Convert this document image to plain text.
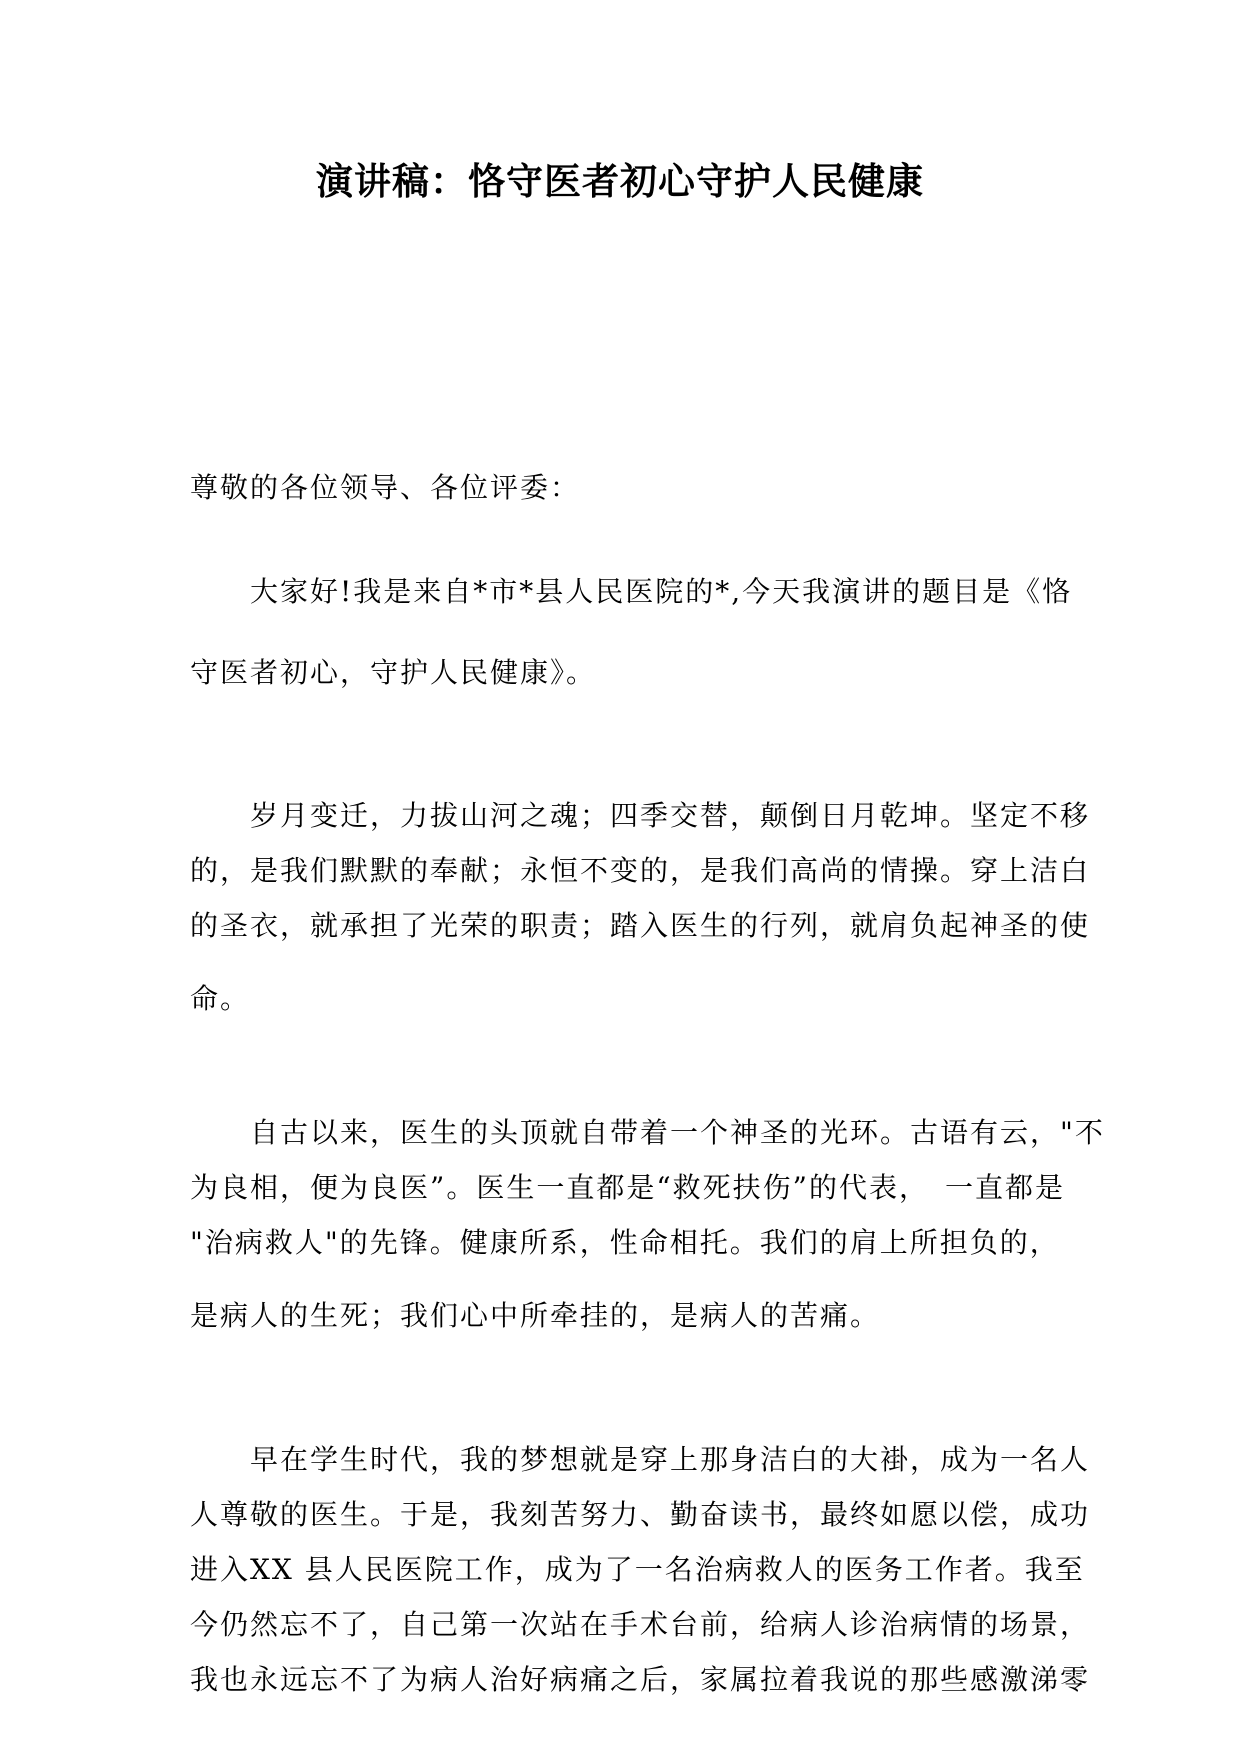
演讲稿：恪守医者初心守护人民健康

尊敬的各位领导、各位评委：

大家好!我是来自*市*县人民医院的*,今天我演讲的题目是《恪
守医者初心，守护人民健康》。

岁月变迁，力拔山河之魂；四季交替，颠倒日月乾坤。坚定不移
的，是我们默默的奉献；永恒不变的，是我们高尚的情操。穿上洁白
的圣衣，就承担了光荣的职责；踏入医生的行列，就肩负起神圣的使
命。

自古以来，医生的头顶就自带着一个神圣的光环。古语有云，"不
为良相，便为良医”。医生一直都是“救死扶伤”的代表，　一直都是
"治病救人"的先锋。健康所系，性命相托。我们的肩上所担负的，
是病人的生死；我们心中所牵挂的，是病人的苦痛。

早在学生时代，我的梦想就是穿上那身洁白的大褂，成为一名人
人尊敬的医生。于是，我刻苦努力、勤奋读书，最终如愿以偿，成功
进入XX 县人民医院工作，成为了一名治病救人的医务工作者。我至
今仍然忘不了，自己第一次站在手术台前，给病人诊治病情的场景，
我也永远忘不了为病人治好病痛之后，家属拉着我说的那些感激涕零
